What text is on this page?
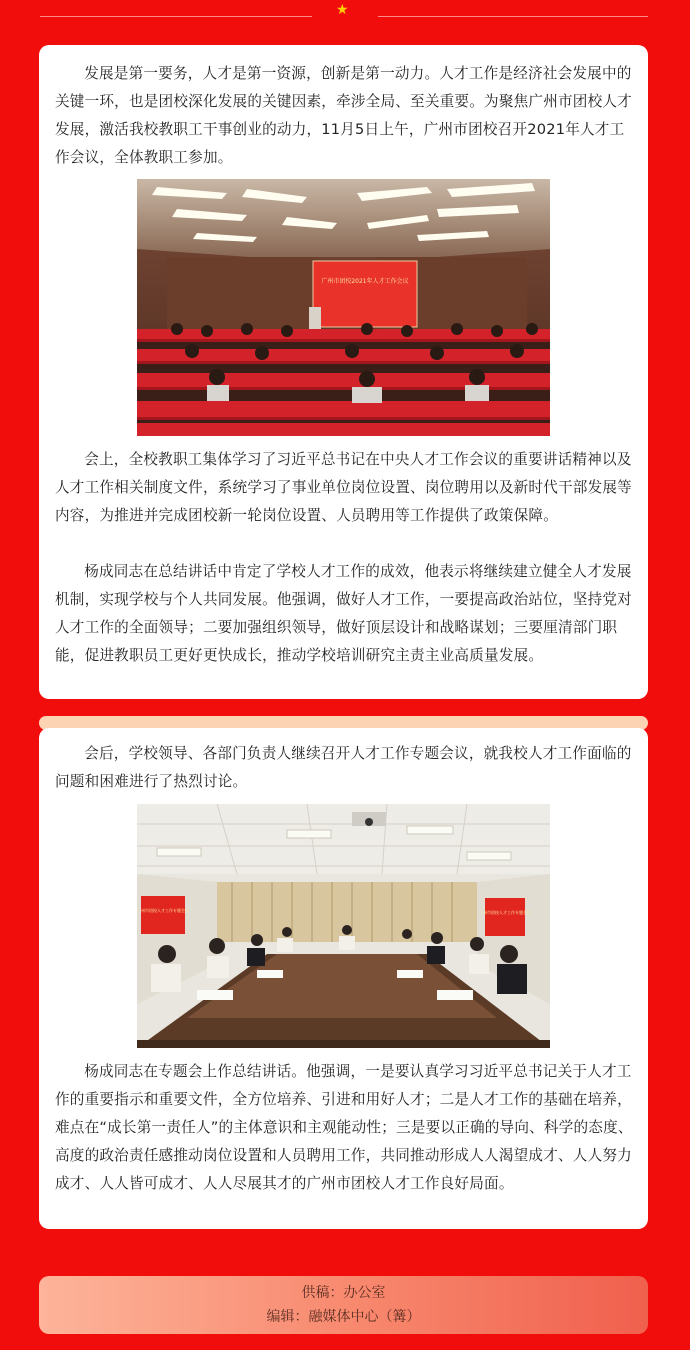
★

发展是第一要务，人才是第一资源，创新是第一动力。人才工作是经济社会发展中的关键一环，也是团校深化发展的关键因素，牵涉全局、至关重要。为聚焦广州市团校人才发展，激活我校教职工干事创业的动力，11月5日上午，广州市团校召开2021年人才工作会议，全体教职工参加。

广州市团校2021年人才工作会议

会上，全校教职工集体学习了习近平总书记在中央人才工作会议的重要讲话精神以及人才工作相关制度文件，系统学习了事业单位岗位设置、岗位聘用以及新时代干部发展等内容，为推进并完成团校新一轮岗位设置、人员聘用等工作提供了政策保障。

杨成同志在总结讲话中肯定了学校人才工作的成效，他表示将继续建立健全人才发展机制，实现学校与个人共同发展。他强调，做好人才工作，一要提高政治站位，坚持党对人才工作的全面领导；二要加强组织领导，做好顶层设计和战略谋划；三要厘清部门职能，促进教职员工更好更快成长，推动学校培训研究主责主业高质量发展。

会后，学校领导、各部门负责人继续召开人才工作专题会议，就我校人才工作面临的问题和困难进行了热烈讨论。

广州市团校人才工作专题会议	广州市团校人才工作专题会议

杨成同志在专题会上作总结讲话。他强调，一是要认真学习习近平总书记关于人才工作的重要指示和重要文件，全方位培养、引进和用好人才；二是人才工作的基础在培养，难点在“成长第一责任人”的主体意识和主观能动性；三是要以正确的导向、科学的态度、高度的政治责任感推动岗位设置和人员聘用工作，共同推动形成人人渴望成才、人人努力成才、人人皆可成才、人人尽展其才的广州市团校人才工作良好局面。

供稿：办公室
编辑：融媒体中心（篝）
